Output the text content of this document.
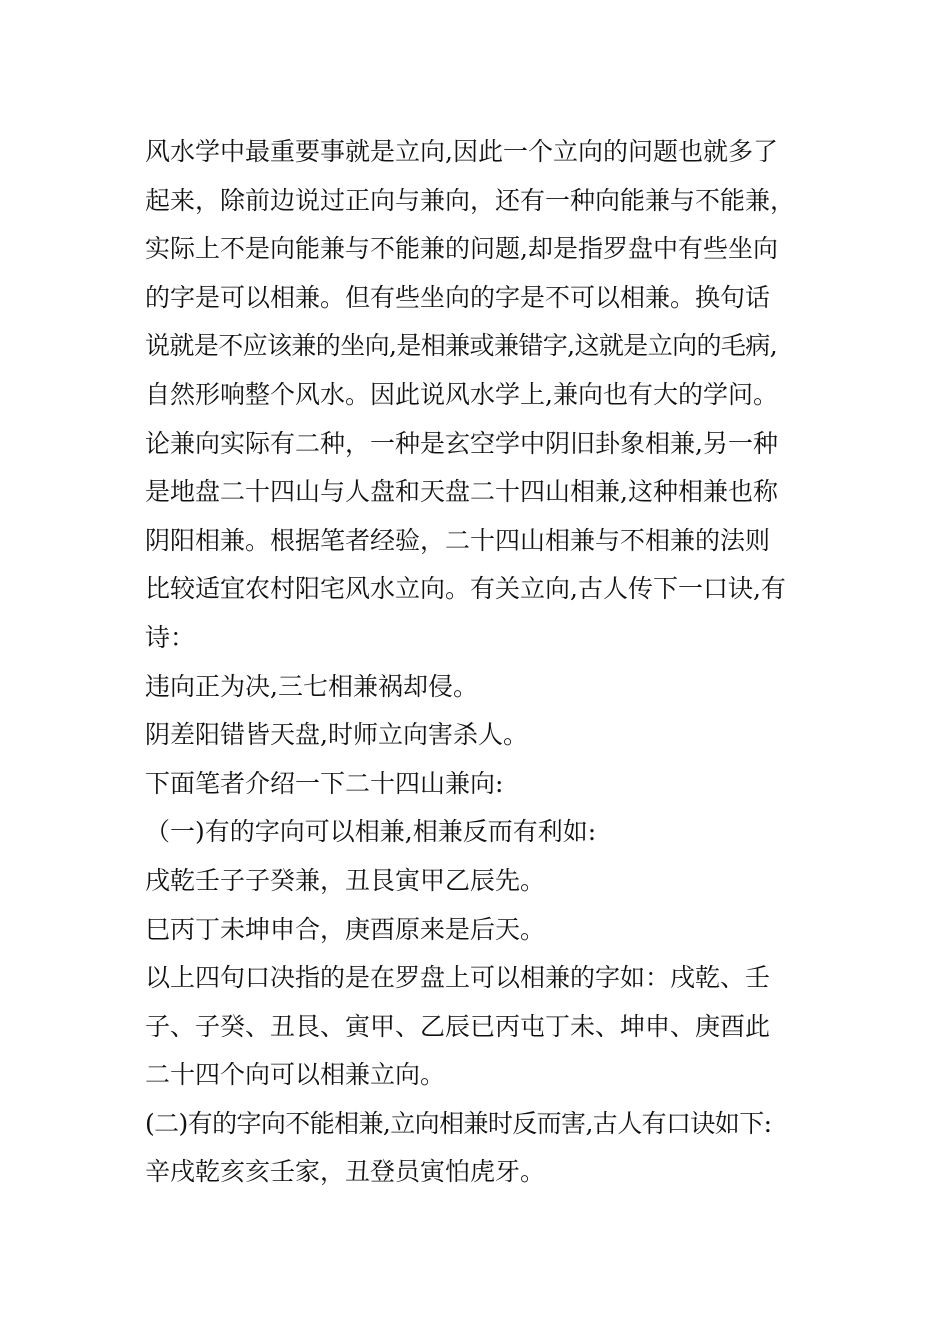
风水学中最重要事就是立向,因此一个立向的问题也就多了
起来，除前边说过正向与兼向，还有一种向能兼与不能兼，
实际上不是向能兼与不能兼的问题,却是指罗盘中有些坐向
的字是可以相兼。但有些坐向的字是不可以相兼。换句话
说就是不应该兼的坐向,是相兼或兼错字,这就是立向的毛病,
自然形响整个风水。因此说风水学上,兼向也有大的学问。
论兼向实际有二种，一种是玄空学中阴旧卦象相兼,另一种
是地盘二十四山与人盘和天盘二十四山相兼,这种相兼也称
阴阳相兼。根据笔者经验，二十四山相兼与不相兼的法则
比较适宜农村阳宅风水立向。有关立向,古人传下一口诀,有
诗：
违向正为决,三七相兼祸却侵。
阴差阳错皆天盘,时师立向害杀人。
下面笔者介绍一下二十四山兼向:
（一)有的字向可以相兼,相兼反而有利如:
戌乾壬子子癸兼，丑艮寅甲乙辰先。
巳丙丁未坤申合，庚酉原来是后天。
以上四句口决指的是在罗盘上可以相兼的字如：戌乾、壬
子、子癸、丑艮、寅甲、乙辰已丙屯丁未、坤申、庚酉此
二十四个向可以相兼立向。
(二)有的字向不能相兼,立向相兼时反而害,古人有口诀如下:
辛戌乾亥亥壬家，丑登员寅怕虎牙。
